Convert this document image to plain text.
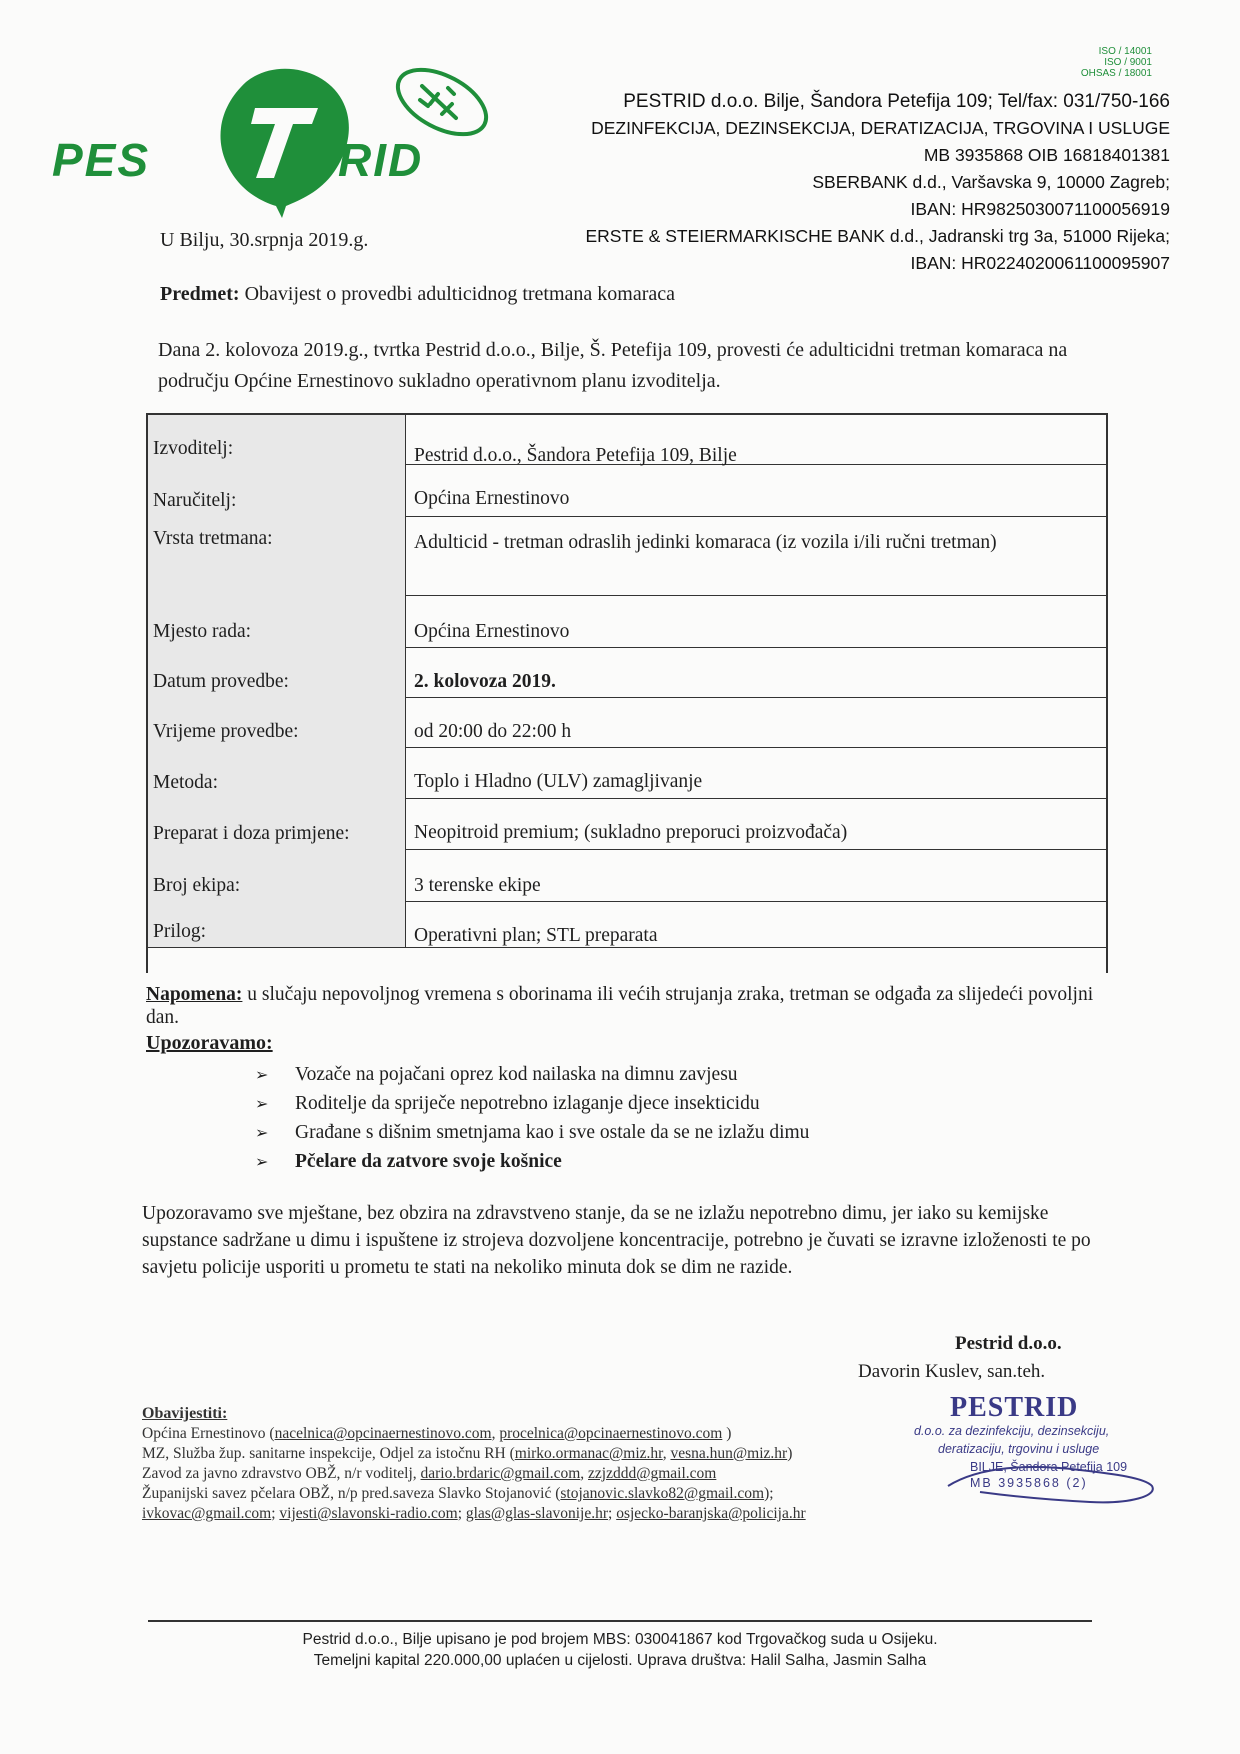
PES	RID
ISO / 14001
ISO / 9001
OHSAS / 18001
PESTRID d.o.o. Bilje, Šandora Petefija 109; Tel/fax: 031/750-166
DEZINFEKCIJA, DEZINSEKCIJA, DERATIZACIJA, TRGOVINA I USLUGE
MB 3935868 OIB 16818401381
SBERBANK d.d., Varšavska 9, 10000 Zagreb;
IBAN: HR9825030071100056919
ERSTE & STEIERMARKISCHE BANK d.d., Jadranski trg 3a, 51000 Rijeka;
IBAN: HR0224020061100095907
U Bilju, 30.srpnja 2019.g.
Predmet: Obavijest o provedbi adulticidnog tretmana komaraca
Dana 2. kolovoza 2019.g., tvrtka Pestrid d.o.o., Bilje, Š. Petefija 109, provesti će adulticidni tretman komaraca na području Općine Ernestinovo sukladno operativnom planu izvoditelja.
Izvoditelj:	Pestrid d.o.o., Šandora Petefija 109, Bilje
Naručitelj:	Općina Ernestinovo
Vrsta tretmana:	Adulticid - tretman odraslih jedinki komaraca (iz vozila i/ili ručni tretman)
Mjesto rada:	Općina Ernestinovo
Datum provedbe:	2. kolovoza 2019.
Vrijeme provedbe:	od 20:00 do 22:00 h
Metoda:	Toplo i Hladno (ULV) zamagljivanje
Preparat i doza primjene:	Neopitroid premium; (sukladno preporuci proizvođača)
Broj ekipa:	3 terenske ekipe
Prilog:	Operativni plan; STL preparata
Napomena: u slučaju nepovoljnog vremena s oborinama ili većih strujanja zraka, tretman se odgađa za slijedeći povoljni dan.
Upozoravamo:
➢ Vozače na pojačani oprez kod nailaska na dimnu zavjesu
➢ Roditelje da spriječe nepotrebno izlaganje djece insekticidu
➢ Građane s dišnim smetnjama kao i sve ostale da se ne izlažu dimu
➢ Pčelare da zatvore svoje košnice
Upozoravamo sve mještane, bez obzira na zdravstveno stanje, da se ne izlažu nepotrebno dimu, jer iako su kemijske supstance sadržane u dimu i ispuštene iz strojeva dozvoljene koncentracije, potrebno je čuvati se izravne izloženosti te po savjetu policije usporiti u prometu te stati na nekoliko minuta dok se dim ne razide.
Pestrid d.o.o.
Davorin Kuslev, san.teh.
PESTRID
d.o.o. za dezinfekciju, dezinsekciju,
deratizaciju, trgovinu i usluge
BILJE, Šandora Petefija 109
MB 3935868 (2)
Obavijestiti:
Općina Ernestinovo (nacelnica@opcinaernestinovo.com, procelnica@opcinaernestinovo.com )
MZ, Služba žup. sanitarne inspekcije, Odjel za istočnu RH (mirko.ormanac@miz.hr, vesna.hun@miz.hr)
Zavod za javno zdravstvo OBŽ, n/r voditelj, dario.brdaric@gmail.com, zzjzddd@gmail.com
Županijski savez pčelara OBŽ, n/p pred.saveza Slavko Stojanović (stojanovic.slavko82@gmail.com);
ivkovac@gmail.com; vijesti@slavonski-radio.com; glas@glas-slavonije.hr; osjecko-baranjska@policija.hr
Pestrid d.o.o., Bilje upisano je pod brojem MBS: 030041867 kod Trgovačkog suda u Osijeku.
Temeljni kapital 220.000,00 uplaćen u cijelosti. Uprava društva: Halil Salha, Jasmin Salha
